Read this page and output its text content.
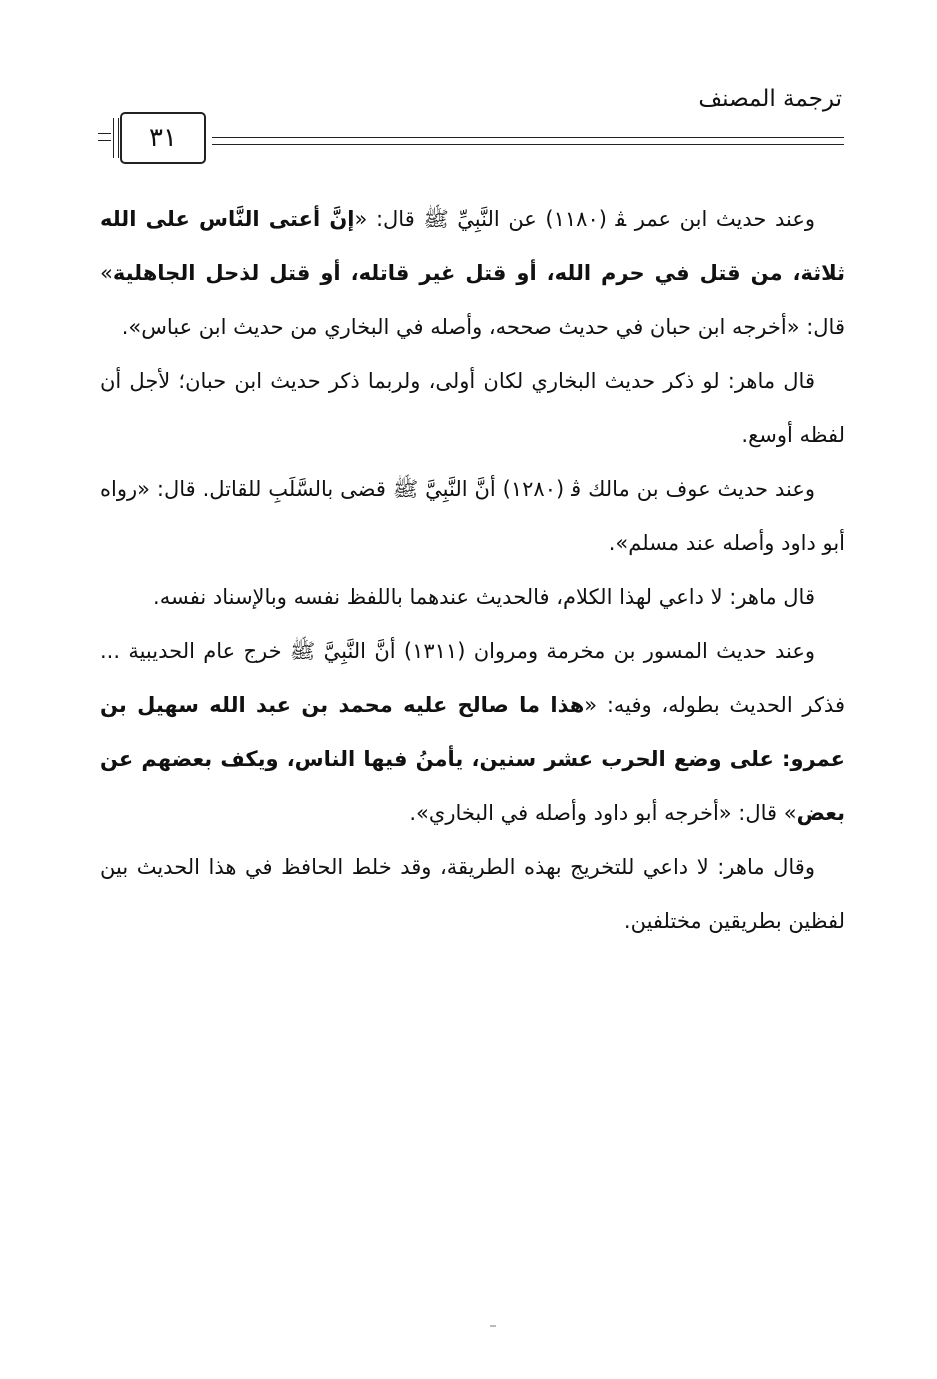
ترجمة المصنف
٣١

وعند حديث ابن عمر ﭭ (١١٨٠) عن النَّبِيِّ ﷺ قال: «إنَّ أعتى النَّاس على الله ثلاثة، من قتل في حرم الله، أو قتل غير قاتله، أو قتل لذحل الجاهلية» قال: «أخرجه ابن حبان في حديث صححه، وأصله في البخاري من حديث ابن عباس».

قال ماهر: لو ذكر حديث البخاري لكان أولى، ولربما ذكر حديث ابن حبان؛ لأجل أن لفظه أوسع.

وعند حديث عوف بن مالك ﭬ (١٢٨٠) أنَّ النَّبِيَّ ﷺ قضى بالسَّلَبِ للقاتل. قال: «رواه أبو داود وأصله عند مسلم».

قال ماهر: لا داعي لهذا الكلام، فالحديث عندهما باللفظ نفسه وبالإسناد نفسه.

وعند حديث المسور بن مخرمة ومروان (١٣١١) أنَّ النَّبِيَّ ﷺ خرج عام الحديبية ... فذكر الحديث بطوله، وفيه: «هذا ما صالح عليه محمد بن عبد الله سهيل بن عمرو: على وضع الحرب عشر سنين، يأمنُ فيها الناس، ويكف بعضهم عن بعض» قال: «أخرجه أبو داود وأصله في البخاري».

وقال ماهر: لا داعي للتخريج بهذه الطريقة، وقد خلط الحافظ في هذا الحديث بين لفظين بطريقين مختلفين.
